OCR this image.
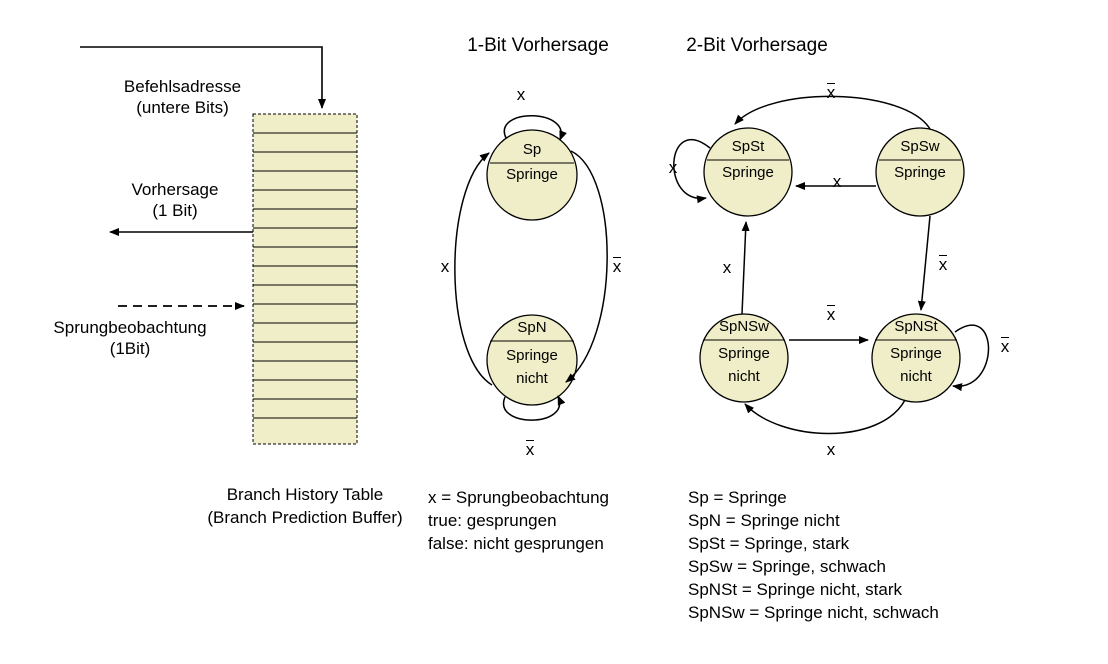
1-Bit Vorhersage	2-Bit Vorhersage
Befehlsadresse
(untere Bits)
Vorhersage
(1 Bit)
Sprungbeobachtung
(1Bit)
Branch History Table
(Branch Prediction Buffer)
Sp
Springe
SpN
Springe
nicht
x
x
x
x
x = Sprungbeobachtung
true: gesprungen
false: nicht gesprungen
SpSt
Springe
SpSw
Springe
SpNSw
Springe
nicht
SpNSt
Springe
nicht
x
x
x
x
x
x
x
x
Sp = Springe
SpN = Springe nicht
SpSt = Springe, stark
SpSw = Springe, schwach
SpNSt = Springe nicht, stark
SpNSw = Springe nicht, schwach
